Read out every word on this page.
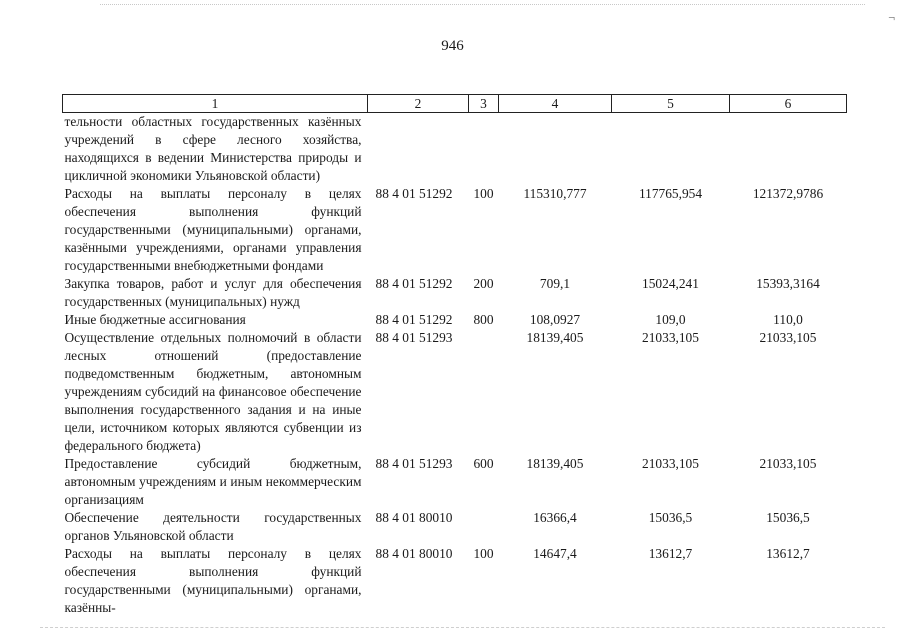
¬
946
1	2	3	4	5	6
тельности областных государственных казённых учреждений в сфере лесного хозяйства, находящихся в ведении Министерства природы и цикличной экономики Ульяновской области)					
Расходы на выплаты персоналу в целях обеспечения выполнения функций государственными (муниципальными) органами, казёнными учреждениями, органами управления государственными внебюджетными фондами	88 4 01 51292	100	115310,777	117765,954	121372,9786
Закупка товаров, работ и услуг для обеспечения государственных (муниципальных) нужд	88 4 01 51292	200	709,1	15024,241	15393,3164
Иные бюджетные ассигнования	88 4 01 51292	800	108,0927	109,0	110,0
Осуществление отдельных полномочий в области лесных отношений (предоставление подведомственным бюджетным, автономным учреждениям субсидий на финансовое обеспечение выполнения государственного задания и на иные цели, источником которых являются субвенции из федерального бюджета)	88 4 01 51293		18139,405	21033,105	21033,105
Предоставление субсидий бюджетным, автономным учреждениям и иным некоммерческим организациям	88 4 01 51293	600	18139,405	21033,105	21033,105
Обеспечение деятельности государственных органов Ульяновской области	88 4 01 80010		16366,4	15036,5	15036,5
Расходы на выплаты персоналу в целях обеспечения выполнения функций государственными (муниципальными) органами, казённы-	88 4 01 80010	100	14647,4	13612,7	13612,7
